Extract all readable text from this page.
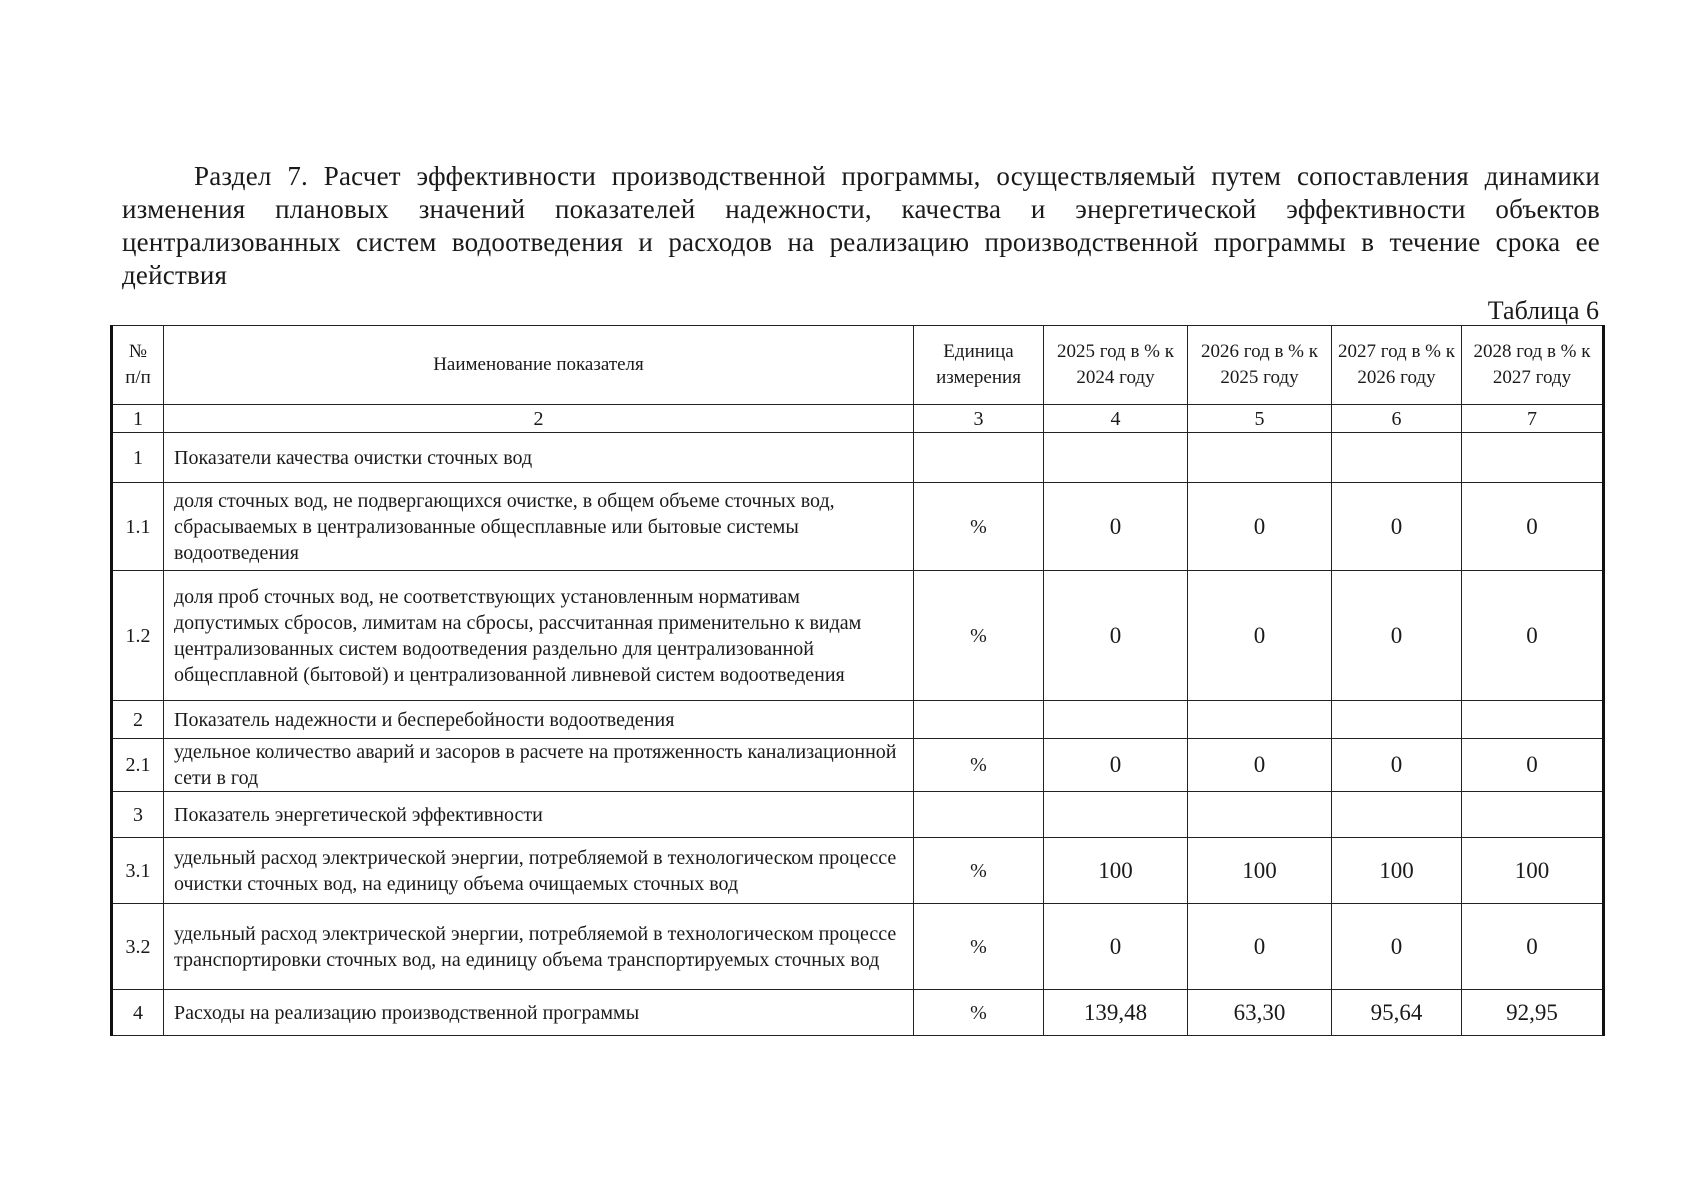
Раздел 7. Расчет эффективности производственной программы, осуществляемый путем сопоставления динамики изменения плановых значений показателей надежности, качества и энергетической эффективности объектов централизованных систем водоотведения и расходов на реализацию производственной программы в течение срока ее действия

Таблица 6
№ п/п	Наименование показателя	Единица измерения	2025 год в % к 2024 году	2026 год в % к 2025 году	2027 год в % к 2026 году	2028 год в % к 2027 году
1	2	3	4	5	6	7
1	Показатели качества очистки сточных вод					
1.1	доля сточных вод, не подвергающихся очистке, в общем объеме сточных вод, сбрасываемых в централизованные общесплавные или бытовые системы водоотведения	%	0	0	0	0
1.2	доля проб сточных вод, не соответствующих установленным нормативам допустимых сбросов, лимитам на сбросы, рассчитанная применительно к видам централизованных систем водоотведения раздельно для централизованной общесплавной (бытовой) и централизованной ливневой систем водоотведения	%	0	0	0	0
2	Показатель надежности и бесперебойности водоотведения					
2.1	удельное количество аварий и засоров в расчете на протяженность канализационной сети в год	%	0	0	0	0
3	Показатель энергетической эффективности					
3.1	удельный расход электрической энергии, потребляемой в технологическом процессе очистки сточных вод, на единицу объема очищаемых сточных вод	%	100	100	100	100
3.2	удельный расход электрической энергии, потребляемой в технологическом процессе транспортировки сточных вод, на единицу объема транспортируемых сточных вод	%	0	0	0	0
4	Расходы на реализацию производственной программы	%	139,48	63,30	95,64	92,95
